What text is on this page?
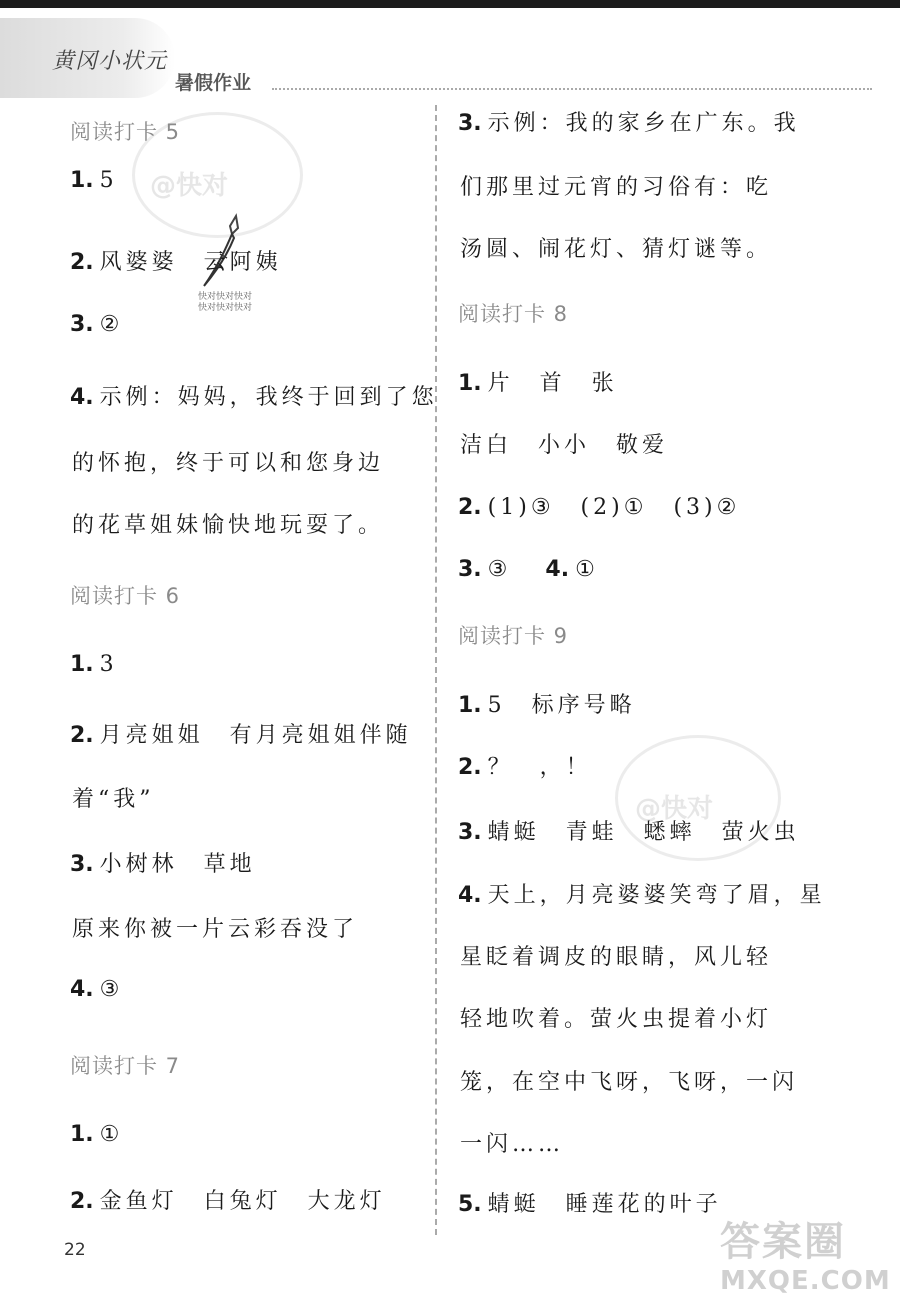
黄冈小状元
暑假作业
@快对
@快对
快对快对快对
快对快对快对
阅读打卡 5
1. 5
2. 风婆婆　云阿姨
3. ②
4. 示例：妈妈，我终于回到了您
的怀抱，终于可以和您身边
的花草姐妹愉快地玩耍了。
阅读打卡 6
1. 3
2. 月亮姐姐　有月亮姐姐伴随
着“我”
3. 小树林　草地
原来你被一片云彩吞没了
4. ③
阅读打卡 7
1. ①
2. 金鱼灯　白兔灯　大龙灯
3. 示例：我的家乡在广东。我
们那里过元宵的习俗有：吃
汤圆、闹花灯、猜灯谜等。
阅读打卡 8
1. 片　首　张
洁白　小小　敬爱
2. (1)③　(2)①　(3)②
3. ③　4. ①
阅读打卡 9
1. 5　标序号略
2. ？　，！
3. 蜻蜓　青蛙　蟋蟀　萤火虫
4. 天上，月亮婆婆笑弯了眉，星
星眨着调皮的眼睛，风儿轻
轻地吹着。萤火虫提着小灯
笼，在空中飞呀，飞呀，一闪
一闪……
5. 蜻蜓　睡莲花的叶子
22	答案圈
MXQE.COM
